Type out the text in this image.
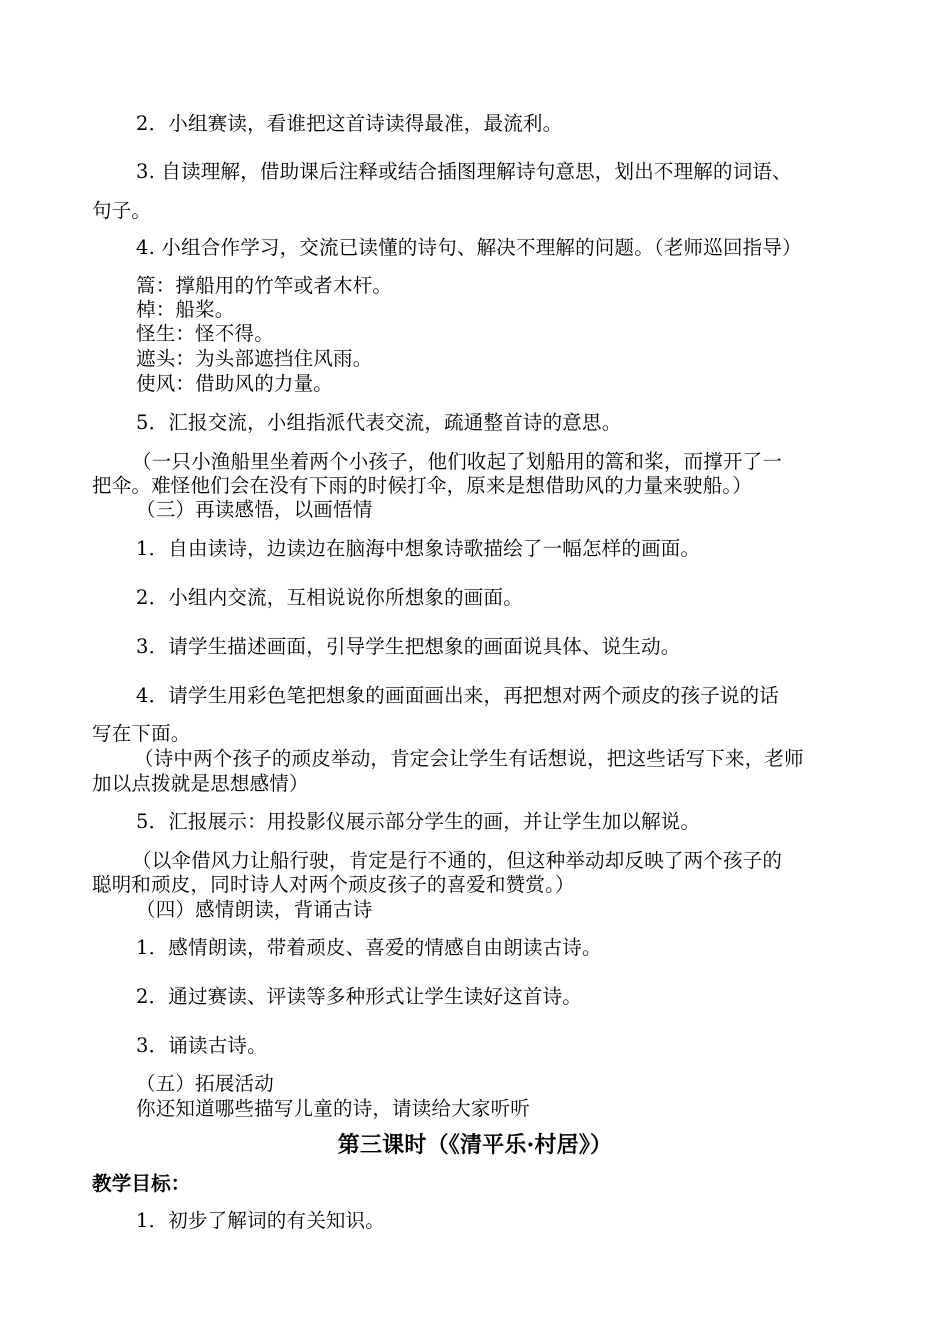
2．小组赛读，看谁把这首诗读得最准，最流利。

3. 自读理解，借助课后注释或结合插图理解诗句意思，划出不理解的词语、

句子。

4. 小组合作学习，交流已读懂的诗句、解决不理解的问题。（老师巡回指导）

篙：撑船用的竹竿或者木杆。

棹：船桨。

怪生：怪不得。

遮头：为头部遮挡住风雨。

使风：借助风的力量。

5．汇报交流，小组指派代表交流，疏通整首诗的意思。

（一只小渔船里坐着两个小孩子，他们收起了划船用的篙和桨，而撑开了一

把伞。难怪他们会在没有下雨的时候打伞，原来是想借助风的力量来驶船。）

（三）再读感悟，以画悟情

1．自由读诗，边读边在脑海中想象诗歌描绘了一幅怎样的画面。

2．小组内交流，互相说说你所想象的画面。

3．请学生描述画面，引导学生把想象的画面说具体、说生动。

4．请学生用彩色笔把想象的画面画出来，再把想对两个顽皮的孩子说的话

写在下面。

（诗中两个孩子的顽皮举动，肯定会让学生有话想说，把这些话写下来，老师

加以点拨就是思想感情）

5．汇报展示：用投影仪展示部分学生的画，并让学生加以解说。

（以伞借风力让船行驶，肯定是行不通的，但这种举动却反映了两个孩子的

聪明和顽皮，同时诗人对两个顽皮孩子的喜爱和赞赏。）

（四）感情朗读，背诵古诗

1．感情朗读，带着顽皮、喜爱的情感自由朗读古诗。

2．通过赛读、评读等多种形式让学生读好这首诗。

3．诵读古诗。

（五）拓展活动

你还知道哪些描写儿童的诗，请读给大家听听

第三课时（《清平乐·村居》）

教学目标：

1．初步了解词的有关知识。
